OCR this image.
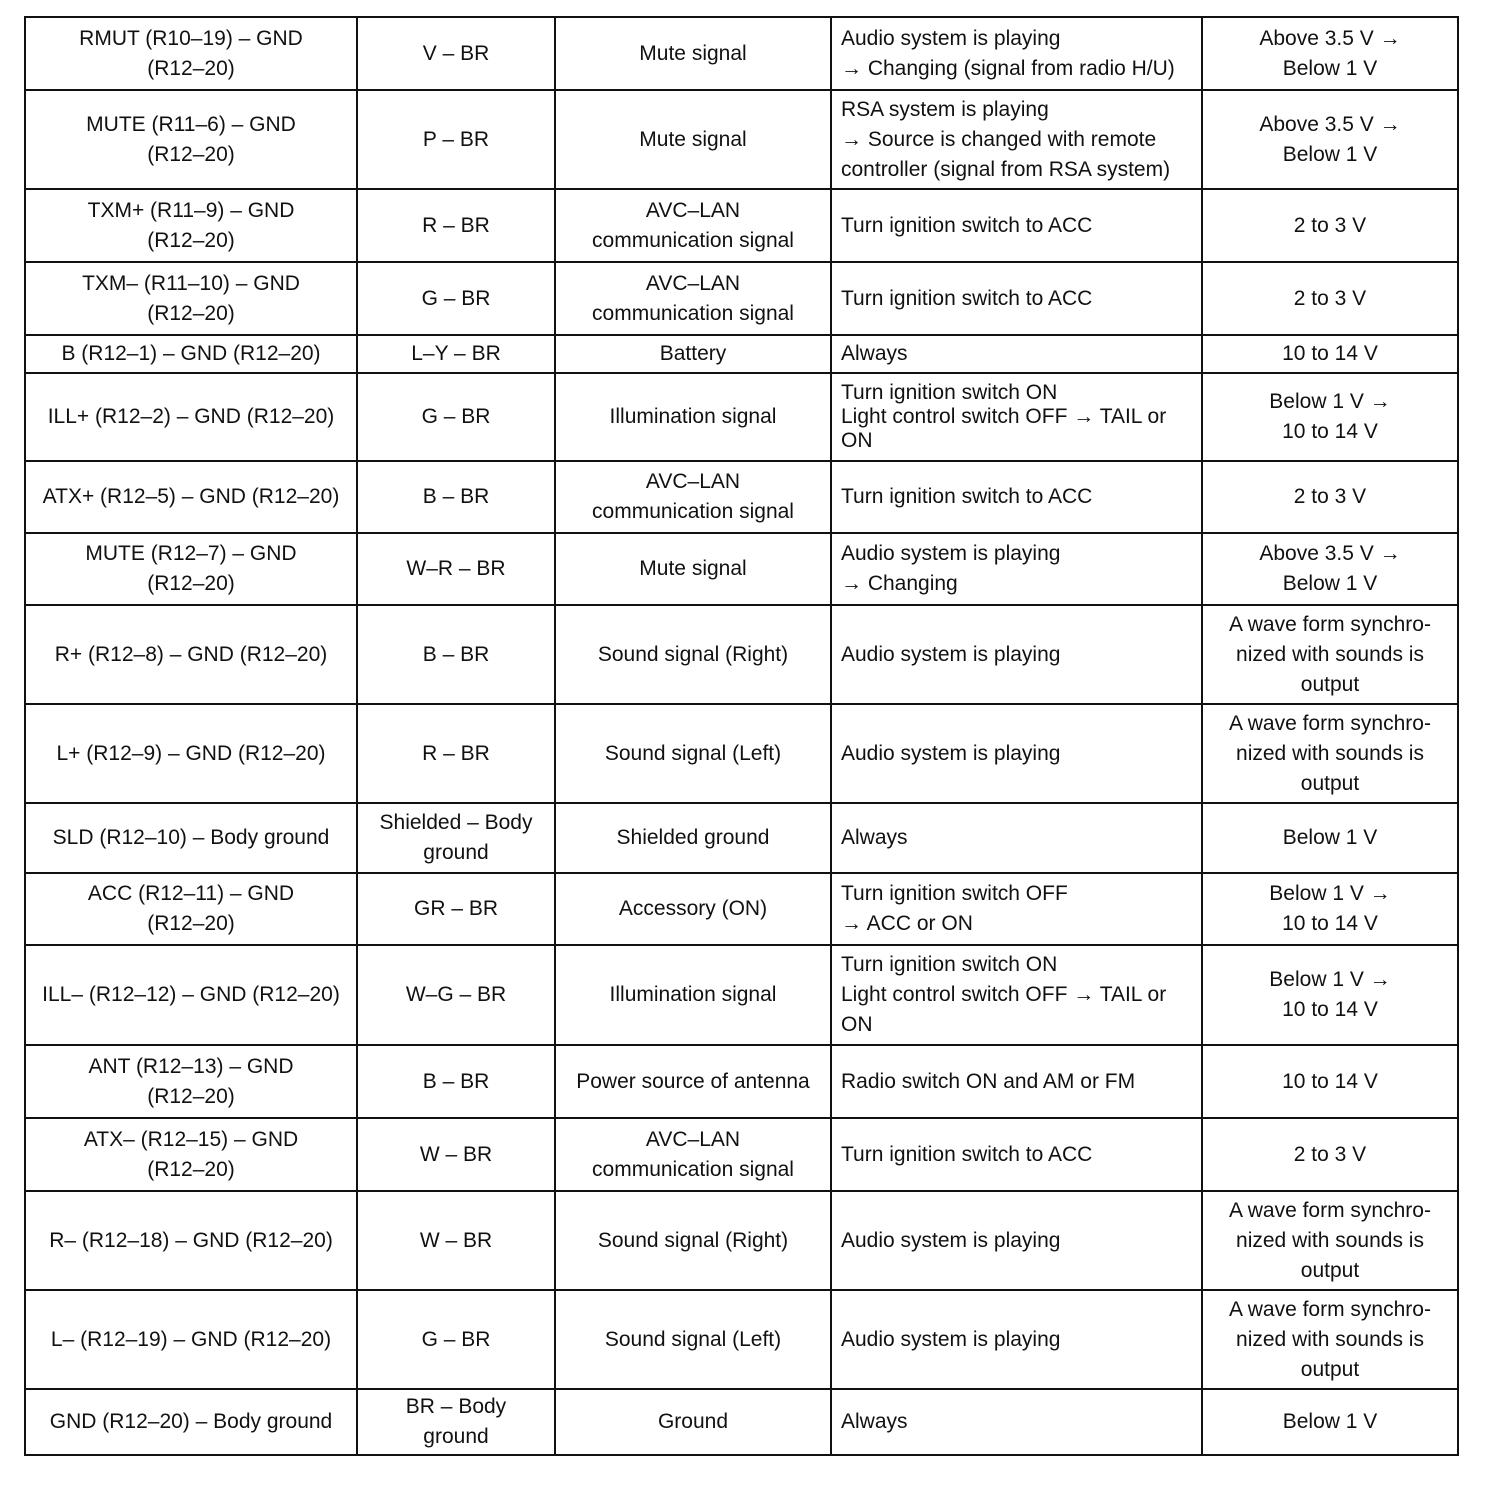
RMUT (R10–19) – GND
(R12–20)	V – BR	Mute signal	Audio system is playing
→ Changing (signal from radio H/U)	Above 3.5 V →
Below 1 V

MUTE (R11–6) – GND
(R12–20)	P – BR	Mute signal	RSA system is playing
→ Source is changed with remote controller (signal from RSA system)	Above 3.5 V →
Below 1 V

TXM+ (R11–9) – GND
(R12–20)	R – BR	AVC–LAN
communication signal	Turn ignition switch to ACC	2 to 3 V

TXM– (R11–10) – GND
(R12–20)	G – BR	AVC–LAN
communication signal	Turn ignition switch to ACC	2 to 3 V

B (R12–1) – GND (R12–20)	L–Y – BR	Battery	Always	10 to 14 V

ILL+ (R12–2) – GND (R12–20)	G – BR	Illumination signal	Turn ignition switch ON
Light control switch OFF → TAIL or ON	Below 1 V →
10 to 14 V

ATX+ (R12–5) – GND (R12–20)	B – BR	AVC–LAN
communication signal	Turn ignition switch to ACC	2 to 3 V

MUTE (R12–7) – GND
(R12–20)	W–R – BR	Mute signal	Audio system is playing
→ Changing	Above 3.5 V →
Below 1 V

R+ (R12–8) – GND (R12–20)	B – BR	Sound signal (Right)	Audio system is playing	A wave form synchro-
nized with sounds is
output

L+ (R12–9) – GND (R12–20)	R – BR	Sound signal (Left)	Audio system is playing	A wave form synchro-
nized with sounds is
output

SLD (R12–10) – Body ground	Shielded – Body
ground	Shielded ground	Always	Below 1 V

ACC (R12–11) – GND
(R12–20)	GR – BR	Accessory (ON)	Turn ignition switch OFF
→ ACC or ON	Below 1 V →
10 to 14 V

ILL– (R12–12) – GND (R12–20)	W–G – BR	Illumination signal	Turn ignition switch ON
Light control switch OFF → TAIL or ON	Below 1 V →
10 to 14 V

ANT (R12–13) – GND
(R12–20)	B – BR	Power source of antenna	Radio switch ON and AM or FM	10 to 14 V

ATX– (R12–15) – GND
(R12–20)	W – BR	AVC–LAN
communication signal	Turn ignition switch to ACC	2 to 3 V

R– (R12–18) – GND (R12–20)	W – BR	Sound signal (Right)	Audio system is playing	A wave form synchro-
nized with sounds is
output

L– (R12–19) – GND (R12–20)	G – BR	Sound signal (Left)	Audio system is playing	A wave form synchro-
nized with sounds is
output

GND (R12–20) – Body ground	BR – Body
ground	Ground	Always	Below 1 V
